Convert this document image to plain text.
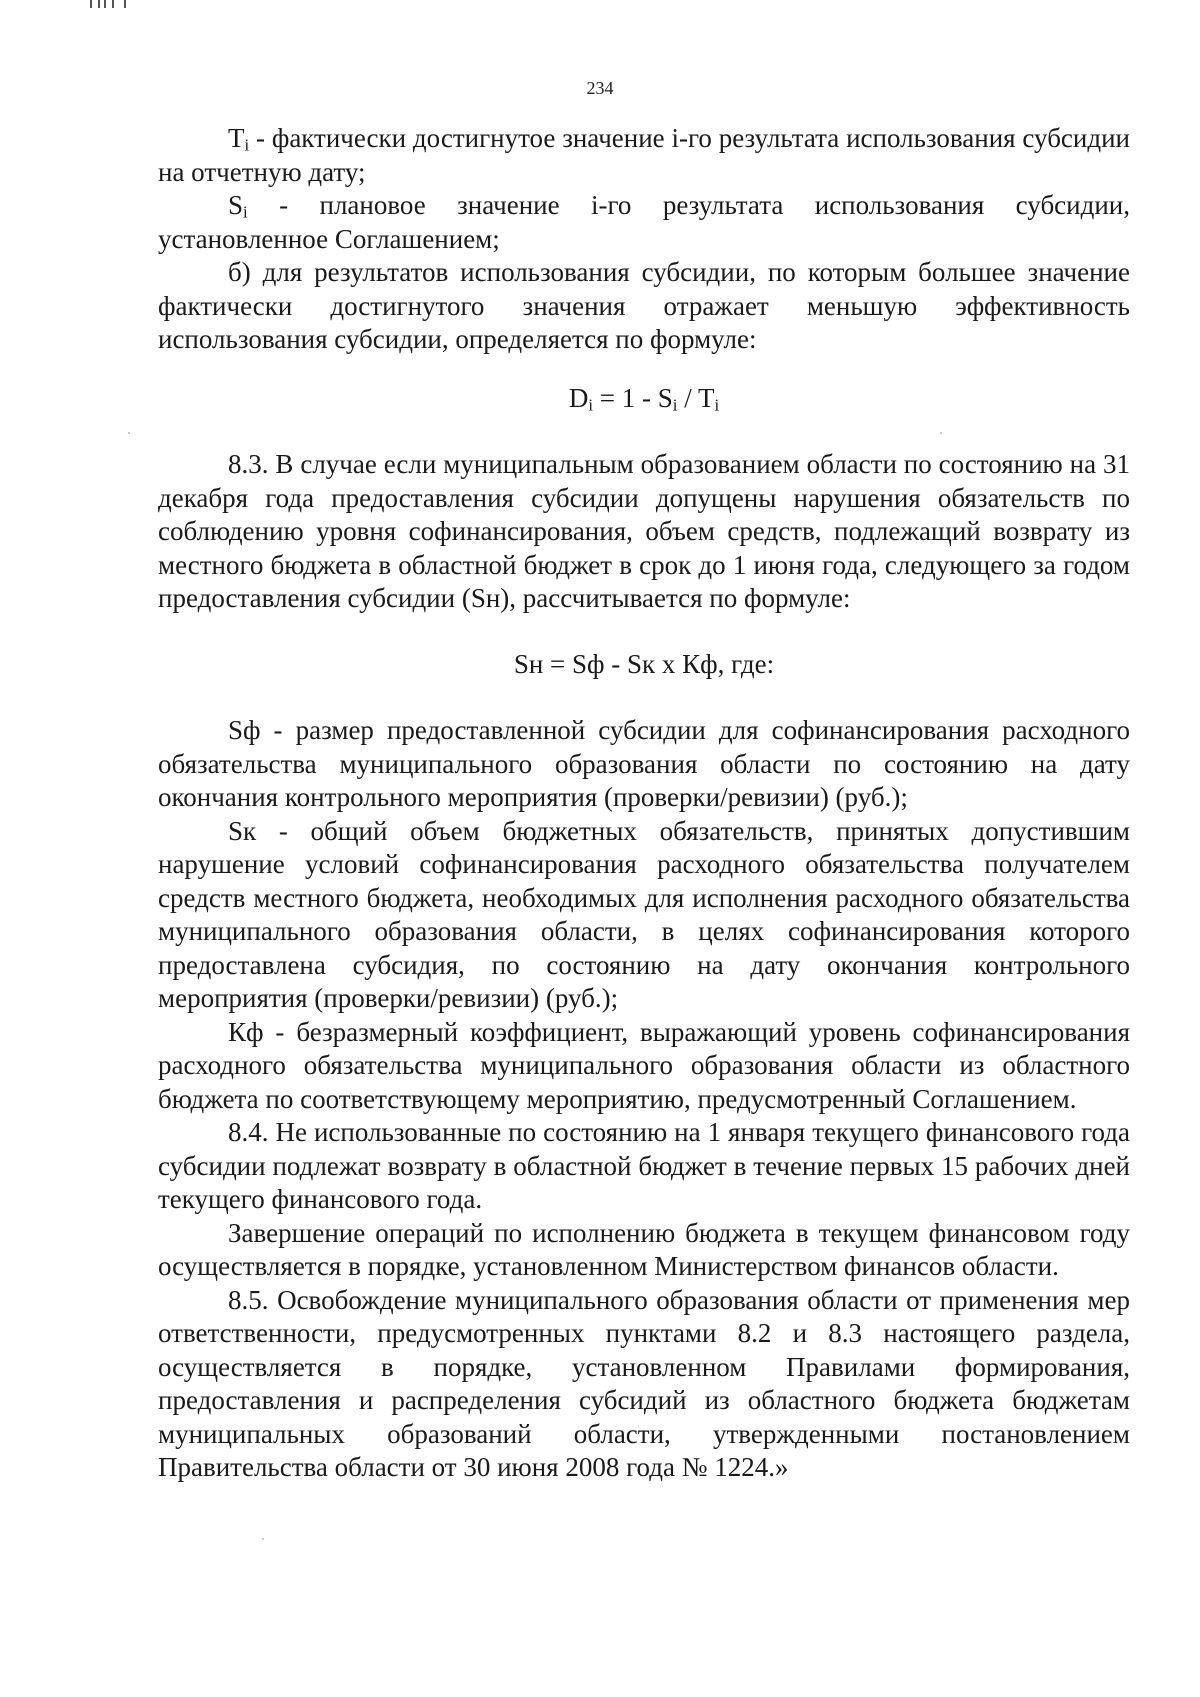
234

$T_i$ - фактически достигнутое значение i-го результата использования субсидии на отчетную дату;

$S_i$ - плановое значение i-го результата использования субсидии, установленное Соглашением;

б) для результатов использования субсидии, по которым большее значение фактически достигнутого значения отражает меньшую эффективность использования субсидии, определяется по формуле:

$D_i = 1 - S_i / T_i$

8.3. В случае если муниципальным образованием области по состоянию на 31 декабря года предоставления субсидии допущены нарушения обязательств по соблюдению уровня софинансирования, объем средств, подлежащий возврату из местного бюджета в областной бюджет в срок до 1 июня года, следующего за годом предоставления субсидии (Sн), рассчитывается по формуле:

Sн = Sф - Sк х Кф, где:

Sф - размер предоставленной субсидии для софинансирования расходного обязательства муниципального образования области по состоянию на дату окончания контрольного мероприятия (проверки/ревизии) (руб.);

Sк - общий объем бюджетных обязательств, принятых допустившим нарушение условий софинансирования расходного обязательства получателем средств местного бюджета, необходимых для исполнения расходного обязательства муниципального образования области, в целях софинансирования которого предоставлена субсидия, по состоянию на дату окончания контрольного мероприятия (проверки/ревизии) (руб.);

Кф - безразмерный коэффициент, выражающий уровень софинансирования расходного обязательства муниципального образования области из областного бюджета по соответствующему мероприятию, предусмотренный Соглашением.

8.4. Не использованные по состоянию на 1 января текущего финансового года субсидии подлежат возврату в областной бюджет в течение первых 15 рабочих дней текущего финансового года.

Завершение операций по исполнению бюджета в текущем финансовом году осуществляется в порядке, установленном Министерством финансов области.

8.5. Освобождение муниципального образования области от применения мер ответственности, предусмотренных пунктами 8.2 и 8.3 настоящего раздела, осуществляется в порядке, установленном Правилами формирования, предоставления и распределения субсидий из областного бюджета бюджетам муниципальных образований области, утвержденными постановлением Правительства области от 30 июня 2008 года № 1224.»
